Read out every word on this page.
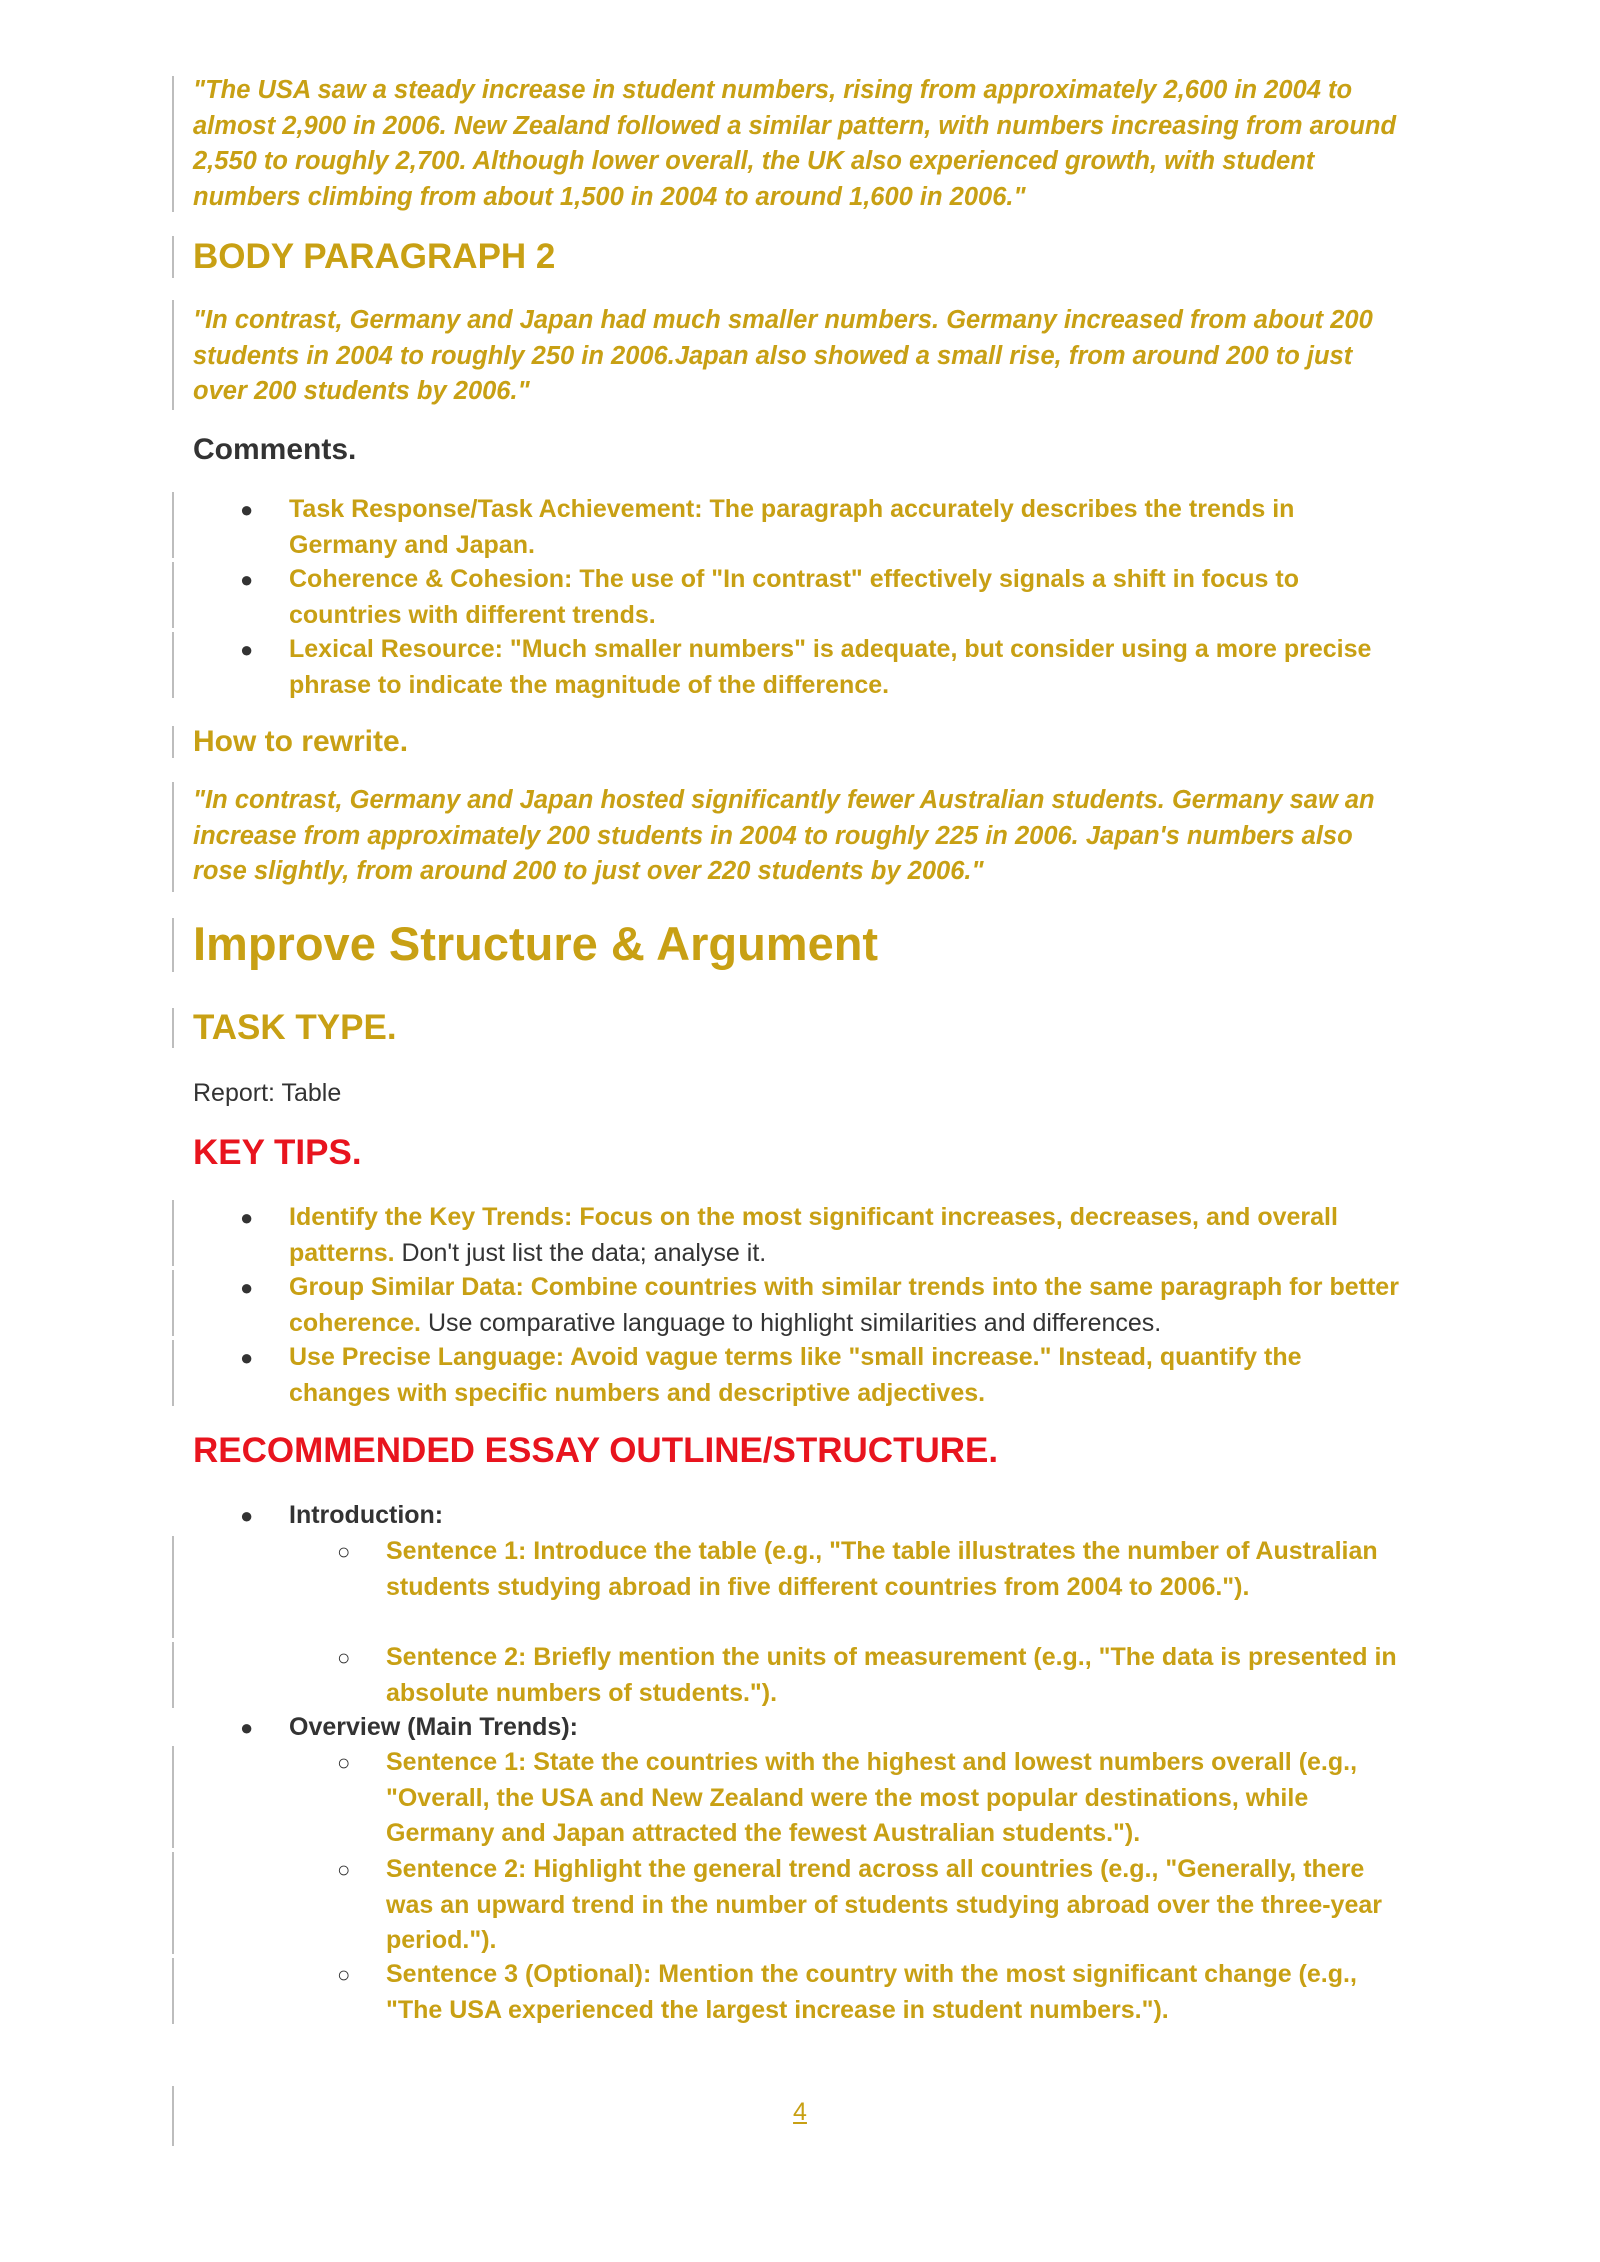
"The USA saw a steady increase in student numbers, rising from approximately 2,600 in 2004 to almost 2,900 in 2006. New Zealand followed a similar pattern, with numbers increasing from around 2,550 to roughly 2,700. Although lower overall, the UK also experienced growth, with student numbers climbing from about 1,500 in 2004 to around 1,600 in 2006."
BODY PARAGRAPH 2
"In contrast, Germany and Japan had much smaller numbers. Germany increased from about 200 students in 2004 to roughly 250 in 2006.Japan also showed a small rise, from around 200 to just over 200 students by 2006."
Comments.
● Task Response/Task Achievement: The paragraph accurately describes the trends in Germany and Japan.
● Coherence & Cohesion: The use of "In contrast" effectively signals a shift in focus to countries with different trends.
● Lexical Resource: "Much smaller numbers" is adequate, but consider using a more precise phrase to indicate the magnitude of the difference.
How to rewrite.
"In contrast, Germany and Japan hosted significantly fewer Australian students. Germany saw an increase from approximately 200 students in 2004 to roughly 225 in 2006. Japan's numbers also rose slightly, from around 200 to just over 220 students by 2006."
Improve Structure & Argument
TASK TYPE.
Report: Table
KEY TIPS.
● Identify the Key Trends: Focus on the most significant increases, decreases, and overall patterns. Don't just list the data; analyse it.
● Group Similar Data: Combine countries with similar trends into the same paragraph for better coherence. Use comparative language to highlight similarities and differences.
● Use Precise Language: Avoid vague terms like "small increase." Instead, quantify the changes with specific numbers and descriptive adjectives.
RECOMMENDED ESSAY OUTLINE/STRUCTURE.
● Introduction:
○ Sentence 1: Introduce the table (e.g., "The table illustrates the number of Australian students studying abroad in five different countries from 2004 to 2006.").
○ Sentence 2: Briefly mention the units of measurement (e.g., "The data is presented in absolute numbers of students.").
● Overview (Main Trends):
○ Sentence 1: State the countries with the highest and lowest numbers overall (e.g., "Overall, the USA and New Zealand were the most popular destinations, while Germany and Japan attracted the fewest Australian students.").
○ Sentence 2: Highlight the general trend across all countries (e.g., "Generally, there was an upward trend in the number of students studying abroad over the three-year period.").
○ Sentence 3 (Optional): Mention the country with the most significant change (e.g., "The USA experienced the largest increase in student numbers.").
4
